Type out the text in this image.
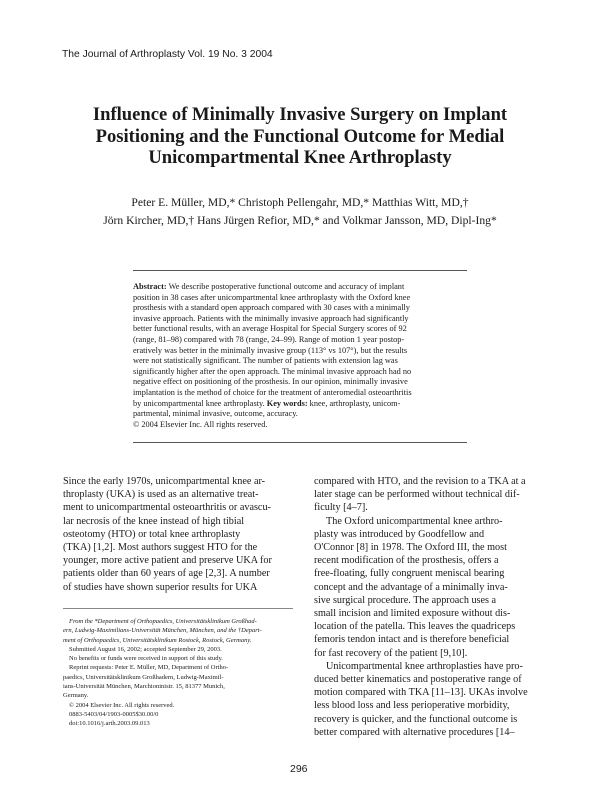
The Journal of Arthroplasty Vol. 19 No. 3 2004
Influence of Minimally Invasive Surgery on Implant
Positioning and the Functional Outcome for Medial
Unicompartmental Knee Arthroplasty
Peter E. Müller, MD,* Christoph Pellengahr, MD,* Matthias Witt, MD,†
Jörn Kircher, MD,† Hans Jürgen Refior, MD,* and Volkmar Jansson, MD, Dipl-Ing*
Abstract: We describe postoperative functional outcome and accuracy of implant
position in 38 cases after unicompartmental knee arthroplasty with the Oxford knee
prosthesis with a standard open approach compared with 30 cases with a minimally
invasive approach. Patients with the minimally invasive approach had significantly
better functional results, with an average Hospital for Special Surgery scores of 92
(range, 81–98) compared with 78 (range, 24–99). Range of motion 1 year postop-
eratively was better in the minimally invasive group (113° vs 107°), but the results
were not statistically significant. The number of patients with extension lag was
significantly higher after the open approach. The minimal invasive approach had no
negative effect on positioning of the prosthesis. In our opinion, minimally invasive
implantation is the method of choice for the treatment of anteromedial osteoarthritis
by unicompartmental knee arthroplasty. Key words: knee, arthroplasty, unicom-
partmental, minimal invasive, outcome, accuracy.
© 2004 Elsevier Inc. All rights reserved.
Since the early 1970s, unicompartmental knee ar-
throplasty (UKA) is used as an alternative treat-
ment to unicompartmental osteoarthritis or avascu-
lar necrosis of the knee instead of high tibial
osteotomy (HTO) or total knee arthroplasty
(TKA) [1,2]. Most authors suggest HTO for the
younger, more active patient and preserve UKA for
patients older than 60 years of age [2,3]. A number
of studies have shown superior results for UKA
compared with HTO, and the revision to a TKA at a
later stage can be performed without technical dif-
ficulty [4–7].
The Oxford unicompartmental knee arthro-
plasty was introduced by Goodfellow and
O'Connor [8] in 1978. The Oxford III, the most
recent modification of the prosthesis, offers a
free-floating, fully congruent meniscal bearing
concept and the advantage of a minimally inva-
sive surgical procedure. The approach uses a
small incision and limited exposure without dis-
location of the patella. This leaves the quadriceps
femoris tendon intact and is therefore beneficial
for fast recovery of the patient [9,10].
Unicompartmental knee arthroplasties have pro-
duced better kinematics and postoperative range of
motion compared with TKA [11–13]. UKAs involve
less blood loss and less perioperative morbidity,
recovery is quicker, and the functional outcome is
better compared with alternative procedures [14–
From the *Department of Orthopaedics, Universitätsklinikum Großhad-
ern, Ludwig-Maximilians-Universität München, München, and the †Depart-
ment of Orthopaedics, Universitätsklinikum Rostock, Rostock, Germany.
Submitted August 16, 2002; accepted September 29, 2003.
No benefits or funds were received in support of this study.
Reprint requests: Peter E. Müller, MD, Department of Ortho-
paedics, Universitätsklinikum Großhadern, Ludwig-Maximil-
ians-Universität München, Marchioninistr. 15, 81377 Munich,
Germany.
© 2004 Elsevier Inc. All rights reserved.
0883-5403/04/1903-0005$30.00/0
doi:10.1016/j.arth.2003.09.013
296
